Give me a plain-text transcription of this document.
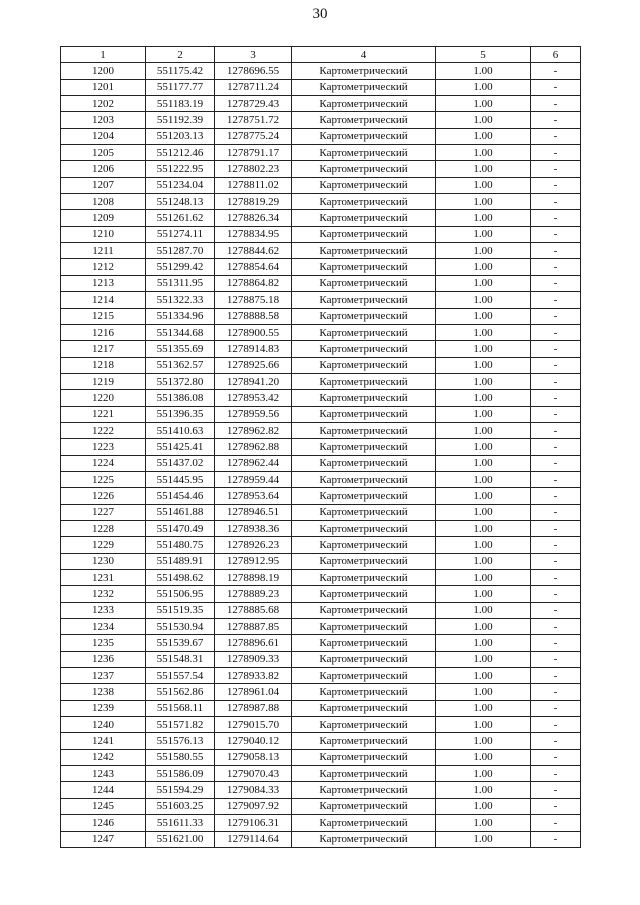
30
1	2	3	4	5	6
1200	551175.42	1278696.55	Картометрический	1.00	-
1201	551177.77	1278711.24	Картометрический	1.00	-
1202	551183.19	1278729.43	Картометрический	1.00	-
1203	551192.39	1278751.72	Картометрический	1.00	-
1204	551203.13	1278775.24	Картометрический	1.00	-
1205	551212.46	1278791.17	Картометрический	1.00	-
1206	551222.95	1278802.23	Картометрический	1.00	-
1207	551234.04	1278811.02	Картометрический	1.00	-
1208	551248.13	1278819.29	Картометрический	1.00	-
1209	551261.62	1278826.34	Картометрический	1.00	-
1210	551274.11	1278834.95	Картометрический	1.00	-
1211	551287.70	1278844.62	Картометрический	1.00	-
1212	551299.42	1278854.64	Картометрический	1.00	-
1213	551311.95	1278864.82	Картометрический	1.00	-
1214	551322.33	1278875.18	Картометрический	1.00	-
1215	551334.96	1278888.58	Картометрический	1.00	-
1216	551344.68	1278900.55	Картометрический	1.00	-
1217	551355.69	1278914.83	Картометрический	1.00	-
1218	551362.57	1278925.66	Картометрический	1.00	-
1219	551372.80	1278941.20	Картометрический	1.00	-
1220	551386.08	1278953.42	Картометрический	1.00	-
1221	551396.35	1278959.56	Картометрический	1.00	-
1222	551410.63	1278962.82	Картометрический	1.00	-
1223	551425.41	1278962.88	Картометрический	1.00	-
1224	551437.02	1278962.44	Картометрический	1.00	-
1225	551445.95	1278959.44	Картометрический	1.00	-
1226	551454.46	1278953.64	Картометрический	1.00	-
1227	551461.88	1278946.51	Картометрический	1.00	-
1228	551470.49	1278938.36	Картометрический	1.00	-
1229	551480.75	1278926.23	Картометрический	1.00	-
1230	551489.91	1278912.95	Картометрический	1.00	-
1231	551498.62	1278898.19	Картометрический	1.00	-
1232	551506.95	1278889.23	Картометрический	1.00	-
1233	551519.35	1278885.68	Картометрический	1.00	-
1234	551530.94	1278887.85	Картометрический	1.00	-
1235	551539.67	1278896.61	Картометрический	1.00	-
1236	551548.31	1278909.33	Картометрический	1.00	-
1237	551557.54	1278933.82	Картометрический	1.00	-
1238	551562.86	1278961.04	Картометрический	1.00	-
1239	551568.11	1278987.88	Картометрический	1.00	-
1240	551571.82	1279015.70	Картометрический	1.00	-
1241	551576.13	1279040.12	Картометрический	1.00	-
1242	551580.55	1279058.13	Картометрический	1.00	-
1243	551586.09	1279070.43	Картометрический	1.00	-
1244	551594.29	1279084.33	Картометрический	1.00	-
1245	551603.25	1279097.92	Картометрический	1.00	-
1246	551611.33	1279106.31	Картометрический	1.00	-
1247	551621.00	1279114.64	Картометрический	1.00	-
